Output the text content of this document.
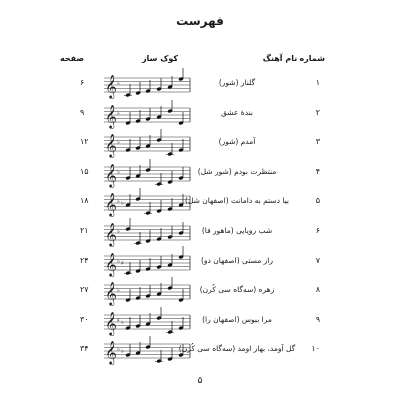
فهرست
شماره
نام آهنگ
کوک ساز
صفحه
۱
گلنار (شور)
𝄞 ♭
۶
۲
بندهٔ عشق
𝄞 ♭
۹
۳
آمدم (شور)
𝄞 ♭
۱۲
۴
منتظرت بودم (شور شل)
𝄞 ♭
۱۵
۵
بیا دستم به دامانت (اصفهان شل)
𝄞 ♭ ♭
۱۸
۶
شب رویایی (ماهور فا)
𝄞 ♭
۲۱
۷
راز مستی (اصفهان دو)
𝄞 ♭ ♯
۲۴
۸
زهره (سه‌گاه سی کُرن)
𝄞 ♭
۲۷
۹
مرا ببوس (اصفهان را)
𝄞 ♯ ♭
۳۰
۱۰
گل آومد، بهار اومد (سه‌گاه سی کُرن)
𝄞 ♭ ♭
۳۴
۵
